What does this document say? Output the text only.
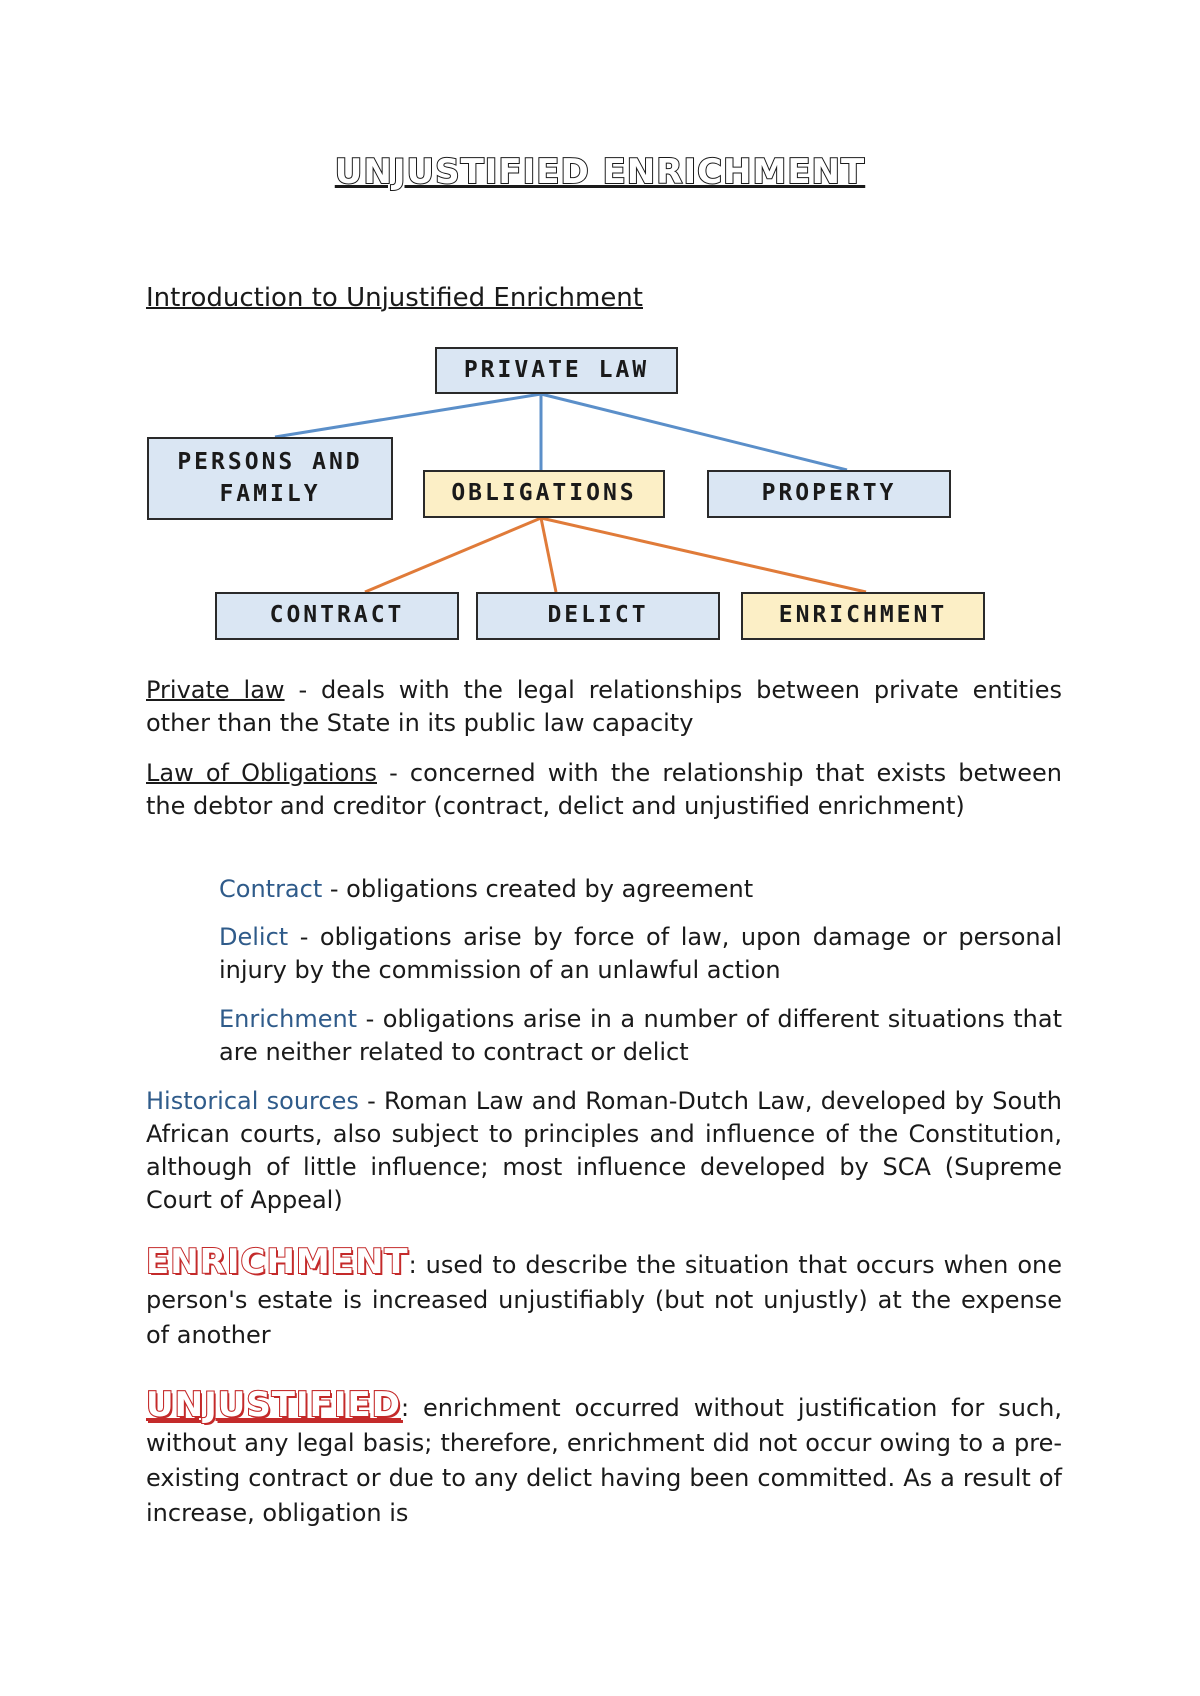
UNJUSTIFIED ENRICHMENT
Introduction to Unjustified Enrichment
PRIVATE LAW
PERSONS AND FAMILY	OBLIGATIONS	PROPERTY
CONTRACT	DELICT	ENRICHMENT
Private law - deals with the legal relationships between private entities other than the State in its public law capacity
Law of Obligations - concerned with the relationship that exists between the debtor and creditor (contract, delict and unjustified enrichment)
Contract - obligations created by agreement
Delict - obligations arise by force of law, upon damage or personal injury by the commission of an unlawful action
Enrichment - obligations arise in a number of different situations that are neither related to contract or delict
Historical sources - Roman Law and Roman-Dutch Law, developed by South African courts, also subject to principles and influence of the Constitution, although of little influence; most influence developed by SCA (Supreme Court of Appeal)
ENRICHMENT: used to describe the situation that occurs when one person's estate is increased unjustifiably (but not unjustly) at the expense of another
UNJUSTIFIED: enrichment occurred without justification for such, without any legal basis; therefore, enrichment did not occur owing to a pre-existing contract or due to any delict having been committed. As a result of increase, obligation is
